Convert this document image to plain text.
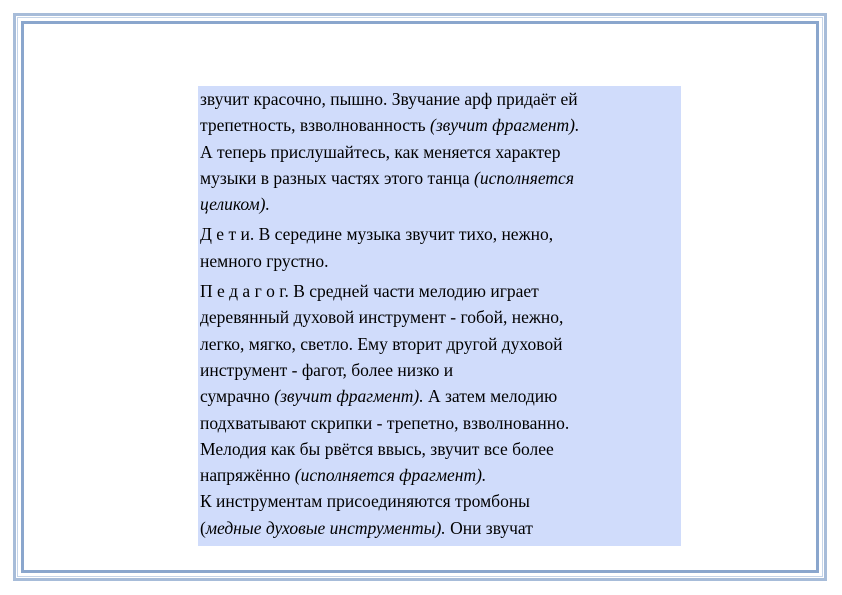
звучит красочно, пышно. Звучание арф придаёт ей
трепетность, взволнованность (звучит фрагмент).
А теперь прислушайтесь, как меняется характер
музыки в разных частях этого танца (исполняется
целиком).

Д е т и. В середине музыка звучит тихо, нежно,
немного грустно.

П е д а г о г. В средней части мелодию играет
деревянный духовой инструмент - гобой, нежно,
легко, мягко, светло. Ему вторит другой духовой
инструмент - фагот, более низко и
сумрачно (звучит фрагмент). А затем мелодию
подхватывают скрипки - трепетно, взволнованно.
Мелодия как бы рвётся ввысь, звучит все более
напряжённо (исполняется фрагмент).
К инструментам присоединяются тромбоны
(медные духовые инструменты). Они звучат
